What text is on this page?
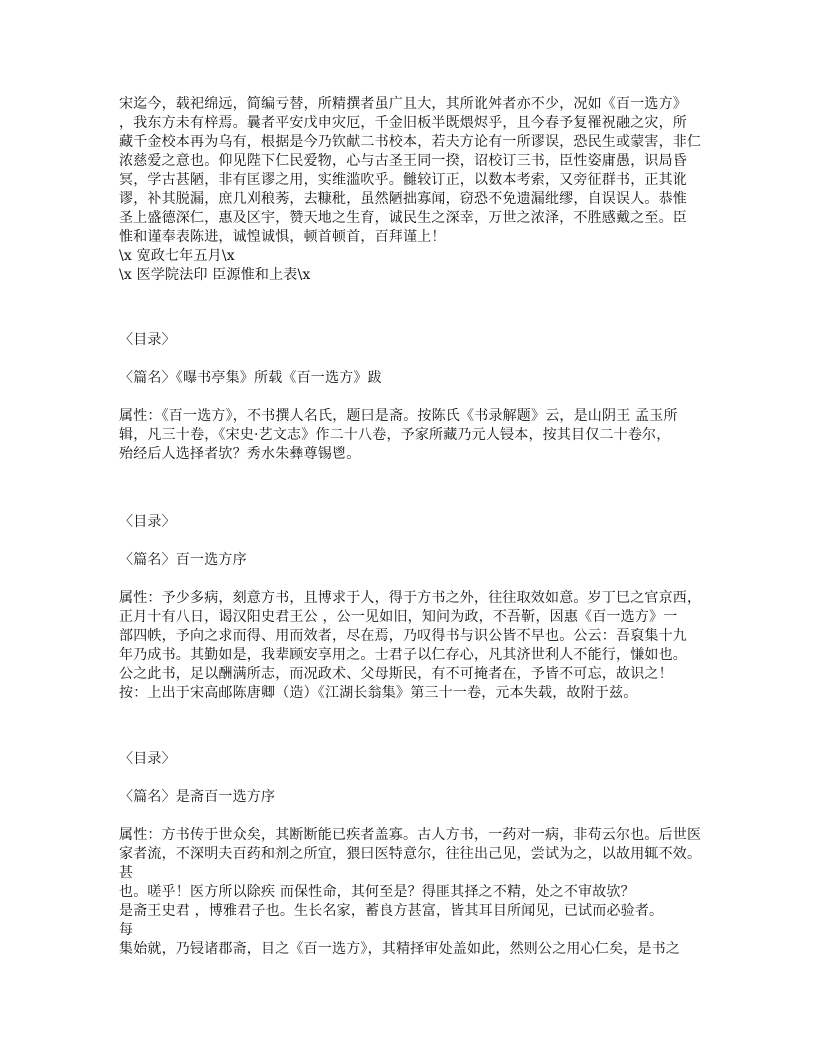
宋迄今，载祀绵远，简编亏替，所精撰者虽广且大，其所讹舛者亦不少，况如《百一选方》
，我东方未有梓焉。曩者平安戊申灾厄，千金旧板半既煨烬乎，且今春予复罹祝融之灾，所
藏千金校本再为乌有，根据是今乃钦献二书校本，若夫方论有一所谬误，恐民生或蒙害，非仁
浓慈爱之意也。仰见陛下仁民爱物，心与古圣王同一揆，诏校订三书，臣性姿庸愚，识局昏
冥，学古甚陋，非有匡谬之用，实维滥吹乎。雠较订正，以数本考索，又旁征群书，正其讹
谬，补其脱漏，庶几刈稂莠，去糠秕，虽然陋拙寡闻，窃恐不免遗漏纰缪，自误误人。恭惟
圣上盛德深仁，惠及区宇，赞天地之生育，诚民生之深幸，万世之浓泽，不胜感戴之至。臣
惟和谨奉表陈进，诚惶诚惧，顿首顿首，百拜谨上！
\x 宽政七年五月\x
\x 医学院法印 臣源惟和上表\x
〈目录〉
〈篇名〉《曝书亭集》所载《百一选方》跋
属性：《百一选方》，不书撰人名氏，题曰是斋。按陈氏《书录解题》云，是山阴王 孟玉所
辑，凡三十卷，《宋史·艺文志》作二十八卷，予家所藏乃元人锓本，按其目仅二十卷尔，
殆经后人选择者欤？秀水朱彝尊锡鬯。
〈目录〉
〈篇名〉百一选方序
属性：予少多病，刻意方书，且博求于人，得于方书之外，往往取效如意。岁丁巳之官京西，
正月十有八日，谒汉阳史君王公 ，公一见如旧，知问为政，不吾靳，因惠《百一选方》一
部四帙，予向之求而得、用而效者，尽在焉，乃叹得书与识公皆不早也。公云：吾裒集十九
年乃成书。其勤如是，我辈顾安享用之。士君子以仁存心，凡其济世利人不能行，慊如也。
公之此书，足以酬满所志，而况政术、父母斯民，有不可掩者在，予皆不可忘，故识之！
按：上出于宋高邮陈唐卿（造）《江湖长翁集》第三十一卷，元本失载，故附于兹。
〈目录〉
〈篇名〉是斋百一选方序
属性：方书传于世众矣，其断断能已疾者盖寡。古人方书，一药对一病，非苟云尔也。后世医
家者流，不深明夫百药和剂之所宜，猥曰医特意尔，往往出己见，尝试为之，以故用辄不效。
甚
也。嗟乎！医方所以除疾 而保性命，其何至是？得匪其择之不精，处之不审故欤？
是斋王史君 ，博雅君子也。生长名家，蓄良方甚富，皆其耳目所闻见，已试而必验者。
每
集始就，乃锓诸郡斋，目之《百一选方》，其精择审处盖如此，然则公之用心仁矣，是书之
